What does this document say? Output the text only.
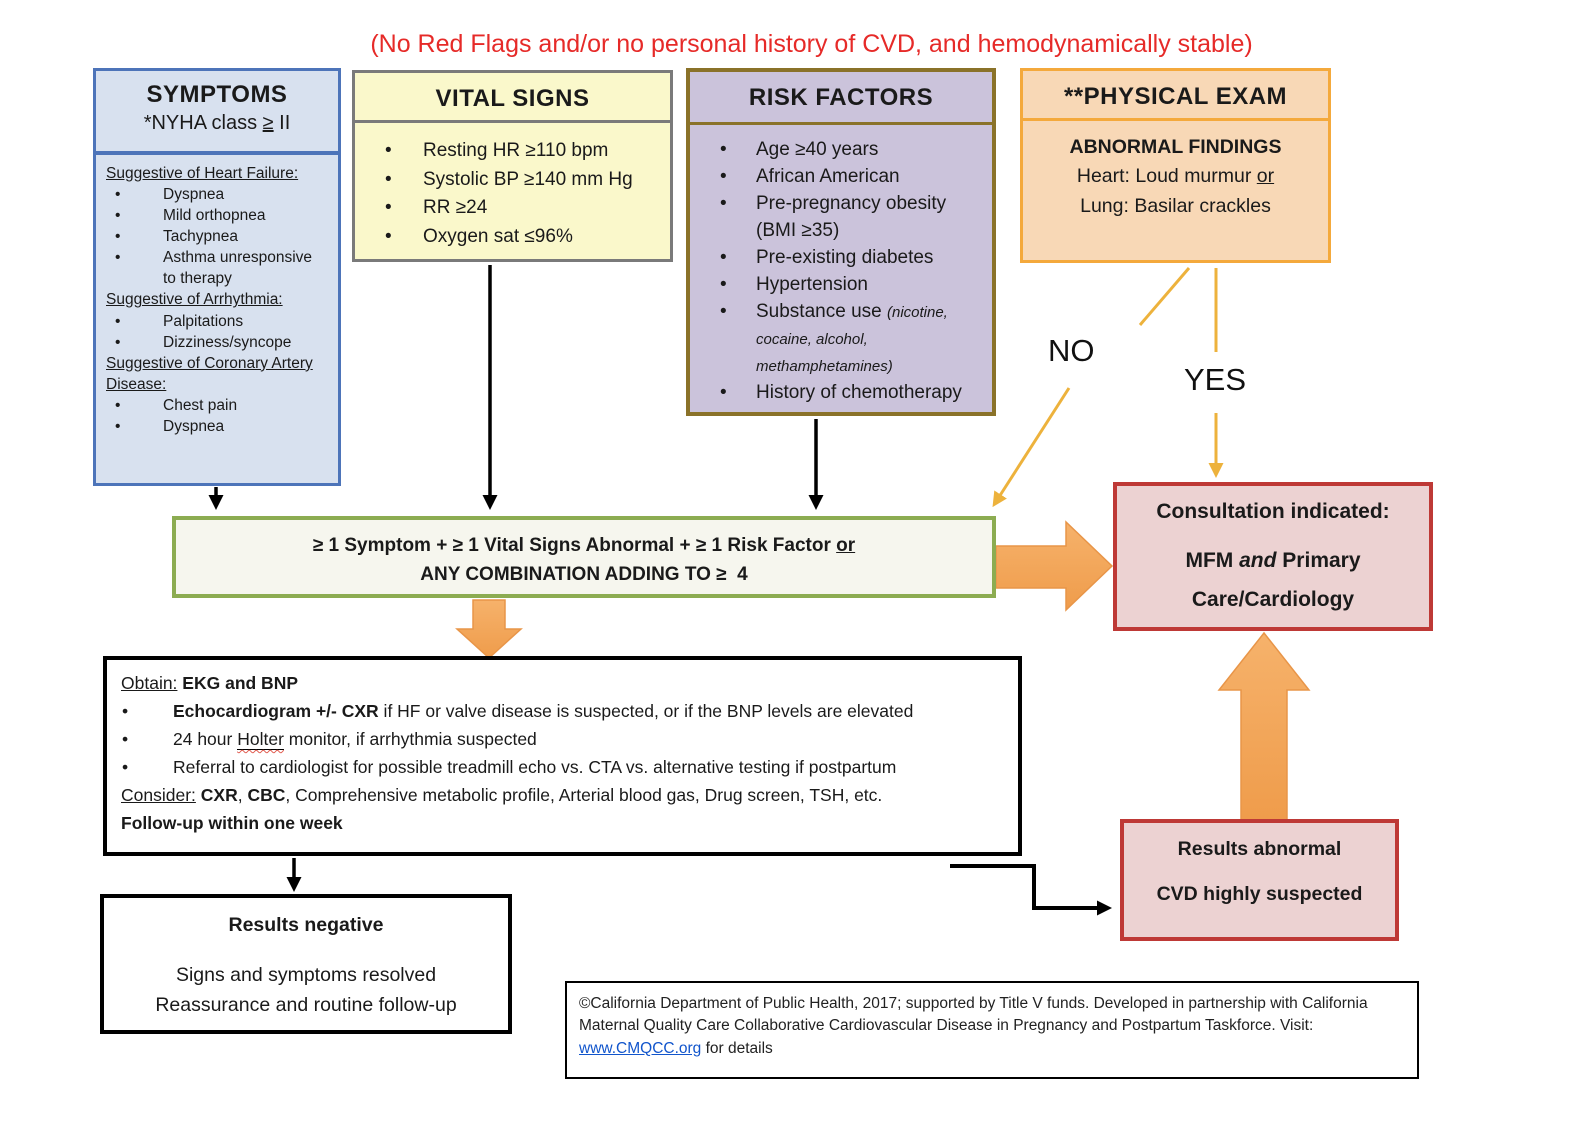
(No Red Flags and/or no personal history of CVD, and hemodynamically stable)
SYMPTOMS
*NYHA class ≥ II
Suggestive of Heart Failure:
• Dyspnea
• Mild orthopnea
• Tachypnea
• Asthma unresponsive to therapy
Suggestive of Arrhythmia:
• Palpitations
• Dizziness/syncope
Suggestive of Coronary Artery Disease:
• Chest pain
• Dyspnea
VITAL SIGNS
• Resting HR ≥110 bpm
• Systolic BP ≥140 mm Hg
• RR ≥24
• Oxygen sat ≤96%
RISK FACTORS
• Age ≥40 years
• African American
• Pre-pregnancy obesity (BMI ≥35)
• Pre-existing diabetes
• Hypertension
• Substance use (nicotine, cocaine, alcohol, methamphetamines)
• History of chemotherapy
**PHYSICAL EXAM
ABNORMAL FINDINGS
Heart: Loud murmur or
Lung: Basilar crackles
NO
YES
≥ 1 Symptom + ≥ 1 Vital Signs Abnormal + ≥ 1 Risk Factor or
ANY COMBINATION ADDING TO ≥  4
Consultation indicated:
MFM and Primary Care/Cardiology
Obtain: EKG and BNP
• Echocardiogram +/- CXR if HF or valve disease is suspected, or if the BNP levels are elevated
• 24 hour Holter monitor, if arrhythmia suspected
• Referral to cardiologist for possible treadmill echo vs. CTA vs. alternative testing if postpartum
Consider: CXR, CBC, Comprehensive metabolic profile, Arterial blood gas, Drug screen, TSH, etc.
Follow-up within one week
Results negative
Signs and symptoms resolved
Reassurance and routine follow-up
Results abnormal
CVD highly suspected
©California Department of Public Health, 2017; supported by Title V funds. Developed in partnership with California Maternal Quality Care Collaborative Cardiovascular Disease in Pregnancy and Postpartum Taskforce. Visit: www.CMQCC.org for details
